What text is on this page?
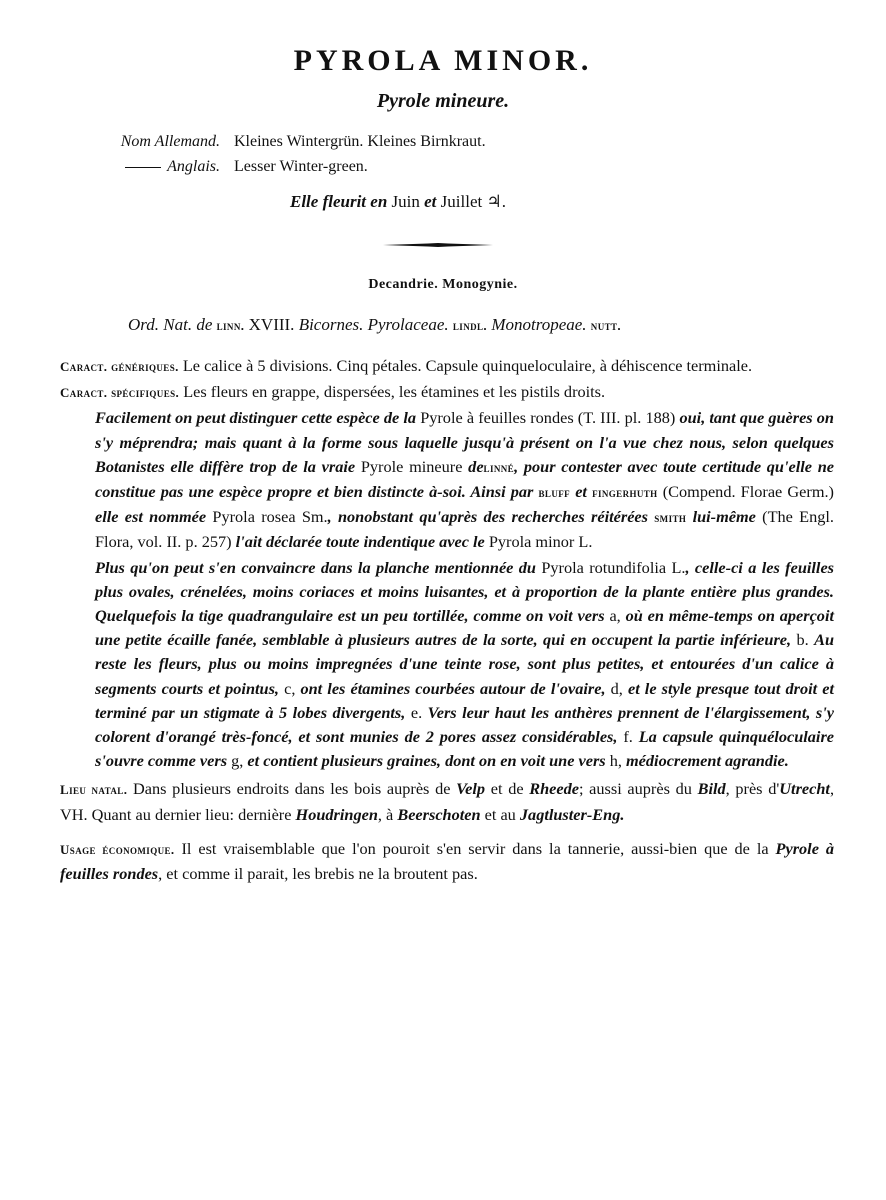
PYROLA MINOR.
Pyrole mineure.
Nom Allemand. Kleines Wintergrün. Kleines Birnkraut.
Anglais. Lesser Winter-green.
Elle fleurit en Juin et Juillet ♃.
Decandrie. Monogynie.
Ord. Nat. de linn. XVIII. Bicornes. Pyrolaceae. lindl. Monotropeae. nutt.

Caract. génériques. Le calice à 5 divisions. Cinq pétales. Capsule quinqueloculaire, à déhiscence terminale.

Caract. spécifiques. Les fleurs en grappe, dispersées, les étamines et les pistils droits.

Facilement on peut distinguer cette espèce de la Pyrole à feuilles rondes (T. III. pl. 188) oui, tant que guères on s'y méprendra; mais quant à la forme sous laquelle jusqu'à présent on l'a vue chez nous, selon quelques Botanistes elle diffère trop de la vraie Pyrole mineure delinné, pour contester avec toute certitude qu'elle ne constitue pas une espèce propre et bien distincte à-soi. Ainsi par bluff et fingerhuth (Compend. Florae Germ.) elle est nommée Pyrola rosea Sm., nonobstant qu'après des recherches réitérées smith lui-même (The Engl. Flora, vol. II. p. 257) l'ait déclarée toute indentique avec le Pyrola minor L.

Plus qu'on peut s'en convaincre dans la planche mentionnée du Pyrola rotundifolia L., celle-ci a les feuilles plus ovales, crénelées, moins coriaces et moins luisantes, et à proportion de la plante entière plus grandes. Quelquefois la tige quadrangulaire est un peu tortillée, comme on voit vers a, où en même-temps on aperçoit une petite écaille fanée, semblable à plusieurs autres de la sorte, qui en occupent la partie inférieure, b. Au reste les fleurs, plus ou moins impregnées d'une teinte rose, sont plus petites, et entourées d'un calice à segments courts et pointus, c, ont les étamines courbées autour de l'ovaire, d, et le style presque tout droit et terminé par un stigmate à 5 lobes divergents, e. Vers leur haut les anthères prennent de l'élargissement, s'y colorent d'orangé très-foncé, et sont munies de 2 pores assez considérables, f. La capsule quinquéloculaire s'ouvre comme vers g, et contient plusieurs graines, dont on en voit une vers h, médiocrement agrandie.

Lieu natal. Dans plusieurs endroits dans les bois auprès de Velp et de Rheede; aussi auprès du Bild, près d'Utrecht, VH. Quant au dernier lieu: dernière Houdringen, à Beerschoten et au Jagtluster-Eng.

Usage économique. Il est vraisemblable que l'on pouroit s'en servir dans la tannerie, aussi-bien que de la Pyrole à feuilles rondes, et comme il parait, les brebis ne la broutent pas.
